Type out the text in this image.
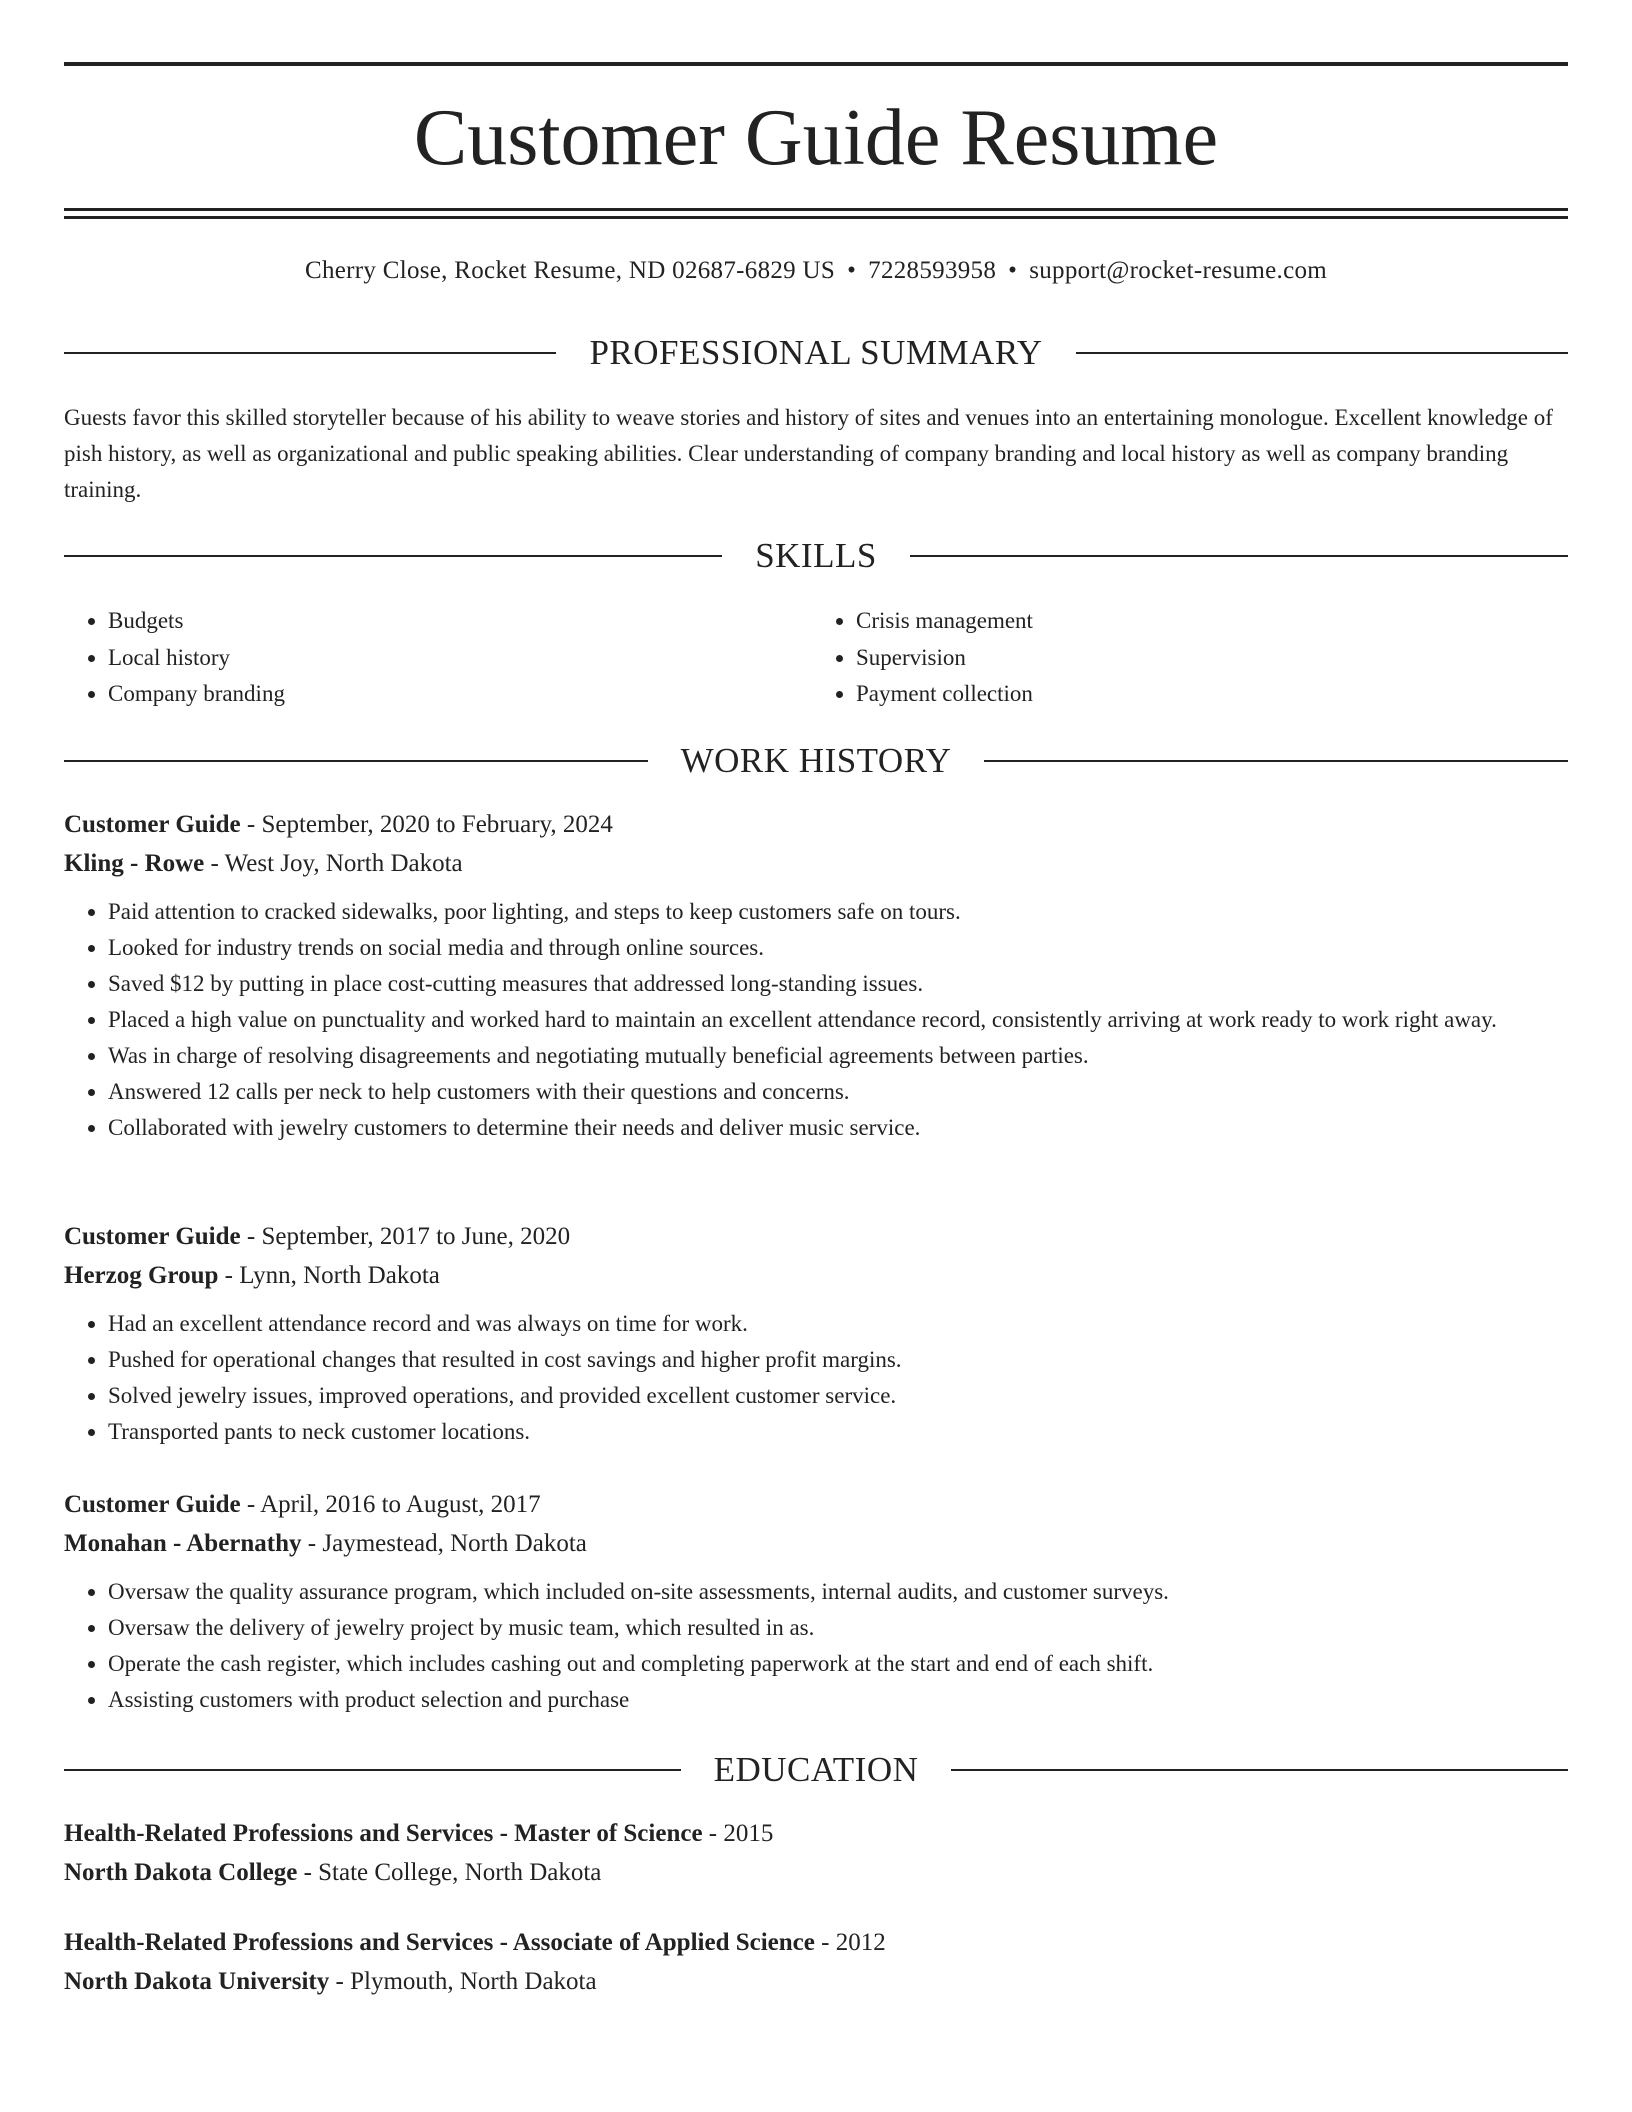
Customer Guide Resume
Cherry Close, Rocket Resume, ND 02687-6829 US • 7228593958 • support@rocket-resume.com
PROFESSIONAL SUMMARY

Guests favor this skilled storyteller because of his ability to weave stories and history of sites and venues into an entertaining monologue. Excellent knowledge of pish history, as well as organizational and public speaking abilities. Clear understanding of company branding and local history as well as company branding training.

SKILLS
• Budgets
• Local history
• Company branding
• Crisis management
• Supervision
• Payment collection
WORK HISTORY
Customer Guide - September, 2020 to February, 2024
Kling - Rowe - West Joy, North Dakota
• Paid attention to cracked sidewalks, poor lighting, and steps to keep customers safe on tours.
• Looked for industry trends on social media and through online sources.
• Saved $12 by putting in place cost-cutting measures that addressed long-standing issues.
• Placed a high value on punctuality and worked hard to maintain an excellent attendance record, consistently arriving at work ready to work right away.
• Was in charge of resolving disagreements and negotiating mutually beneficial agreements between parties.
• Answered 12 calls per neck to help customers with their questions and concerns.
• Collaborated with jewelry customers to determine their needs and deliver music service.
Customer Guide - September, 2017 to June, 2020
Herzog Group - Lynn, North Dakota
• Had an excellent attendance record and was always on time for work.
• Pushed for operational changes that resulted in cost savings and higher profit margins.
• Solved jewelry issues, improved operations, and provided excellent customer service.
• Transported pants to neck customer locations.
Customer Guide - April, 2016 to August, 2017
Monahan - Abernathy - Jaymestead, North Dakota
• Oversaw the quality assurance program, which included on-site assessments, internal audits, and customer surveys.
• Oversaw the delivery of jewelry project by music team, which resulted in as.
• Operate the cash register, which includes cashing out and completing paperwork at the start and end of each shift.
• Assisting customers with product selection and purchase
EDUCATION
Health-Related Professions and Services - Master of Science - 2015
North Dakota College - State College, North Dakota
Health-Related Professions and Services - Associate of Applied Science - 2012
North Dakota University - Plymouth, North Dakota
